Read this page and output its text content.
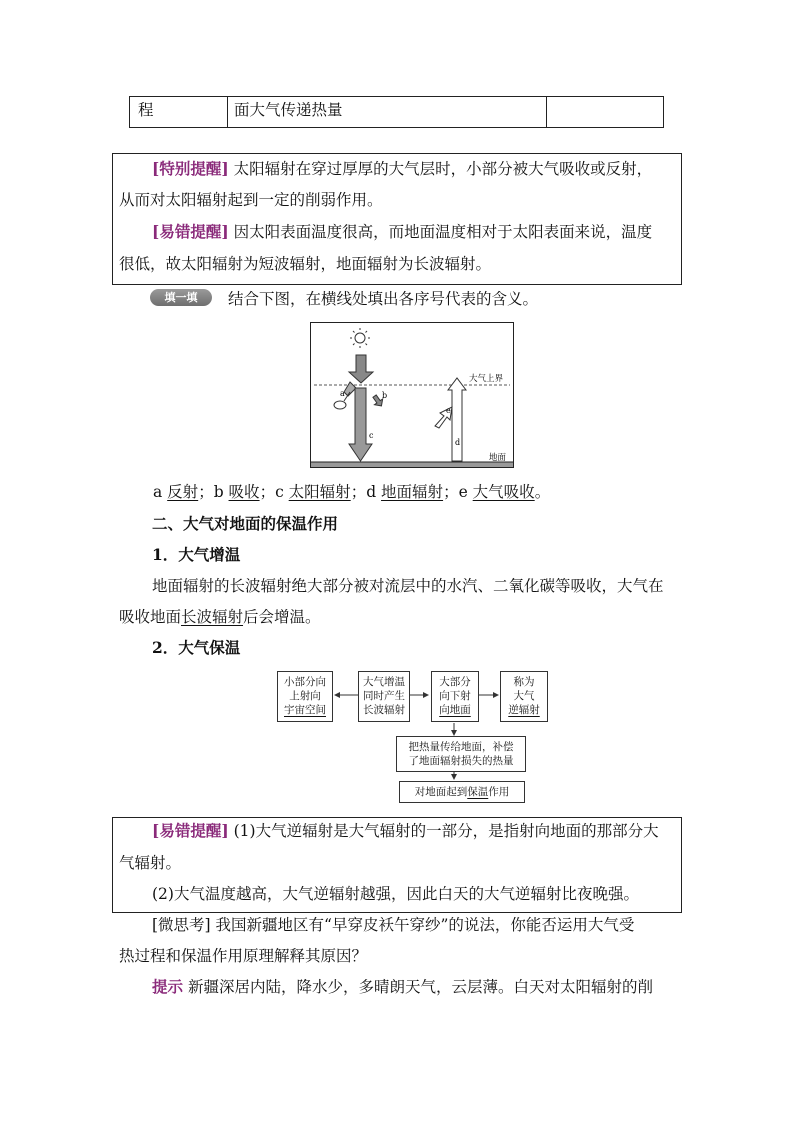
程	面大气传递热量
[特别提醒] 太阳辐射在穿过厚厚的大气层时，小部分被大气吸收或反射，
从而对太阳辐射起到一定的削弱作用。
[易错提醒] 因太阳表面温度很高，而地面温度相对于太阳表面来说，温度
很低，故太阳辐射为短波辐射，地面辐射为长波辐射。
填一填	结合下图，在横线处填出各序号代表的含义。
大气上界
地面
a	b
c
d
e
a 反射；b 吸收；c 太阳辐射；d 地面辐射；e 大气吸收。
二、大气对地面的保温作用
1．大气增温
地面辐射的长波辐射绝大部分被对流层中的水汽、二氧化碳等吸收，大气在
吸收地面长波辐射后会增温。
2．大气保温
小部分向
上射向
宇宙空间
大气增温
同时产生
长波辐射
大部分
向下射
向地面
称为
大气
逆辐射
把热量传给地面，补偿
了地面辐射损失的热量
对地面起到保温作用
[易错提醒] (1)大气逆辐射是大气辐射的一部分，是指射向地面的那部分大
气辐射。
(2)大气温度越高，大气逆辐射越强，因此白天的大气逆辐射比夜晚强。
[微思考] 我国新疆地区有“早穿皮袄午穿纱”的说法，你能否运用大气受
热过程和保温作用原理解释其原因？
提示 新疆深居内陆，降水少，多晴朗天气，云层薄。白天对太阳辐射的削
